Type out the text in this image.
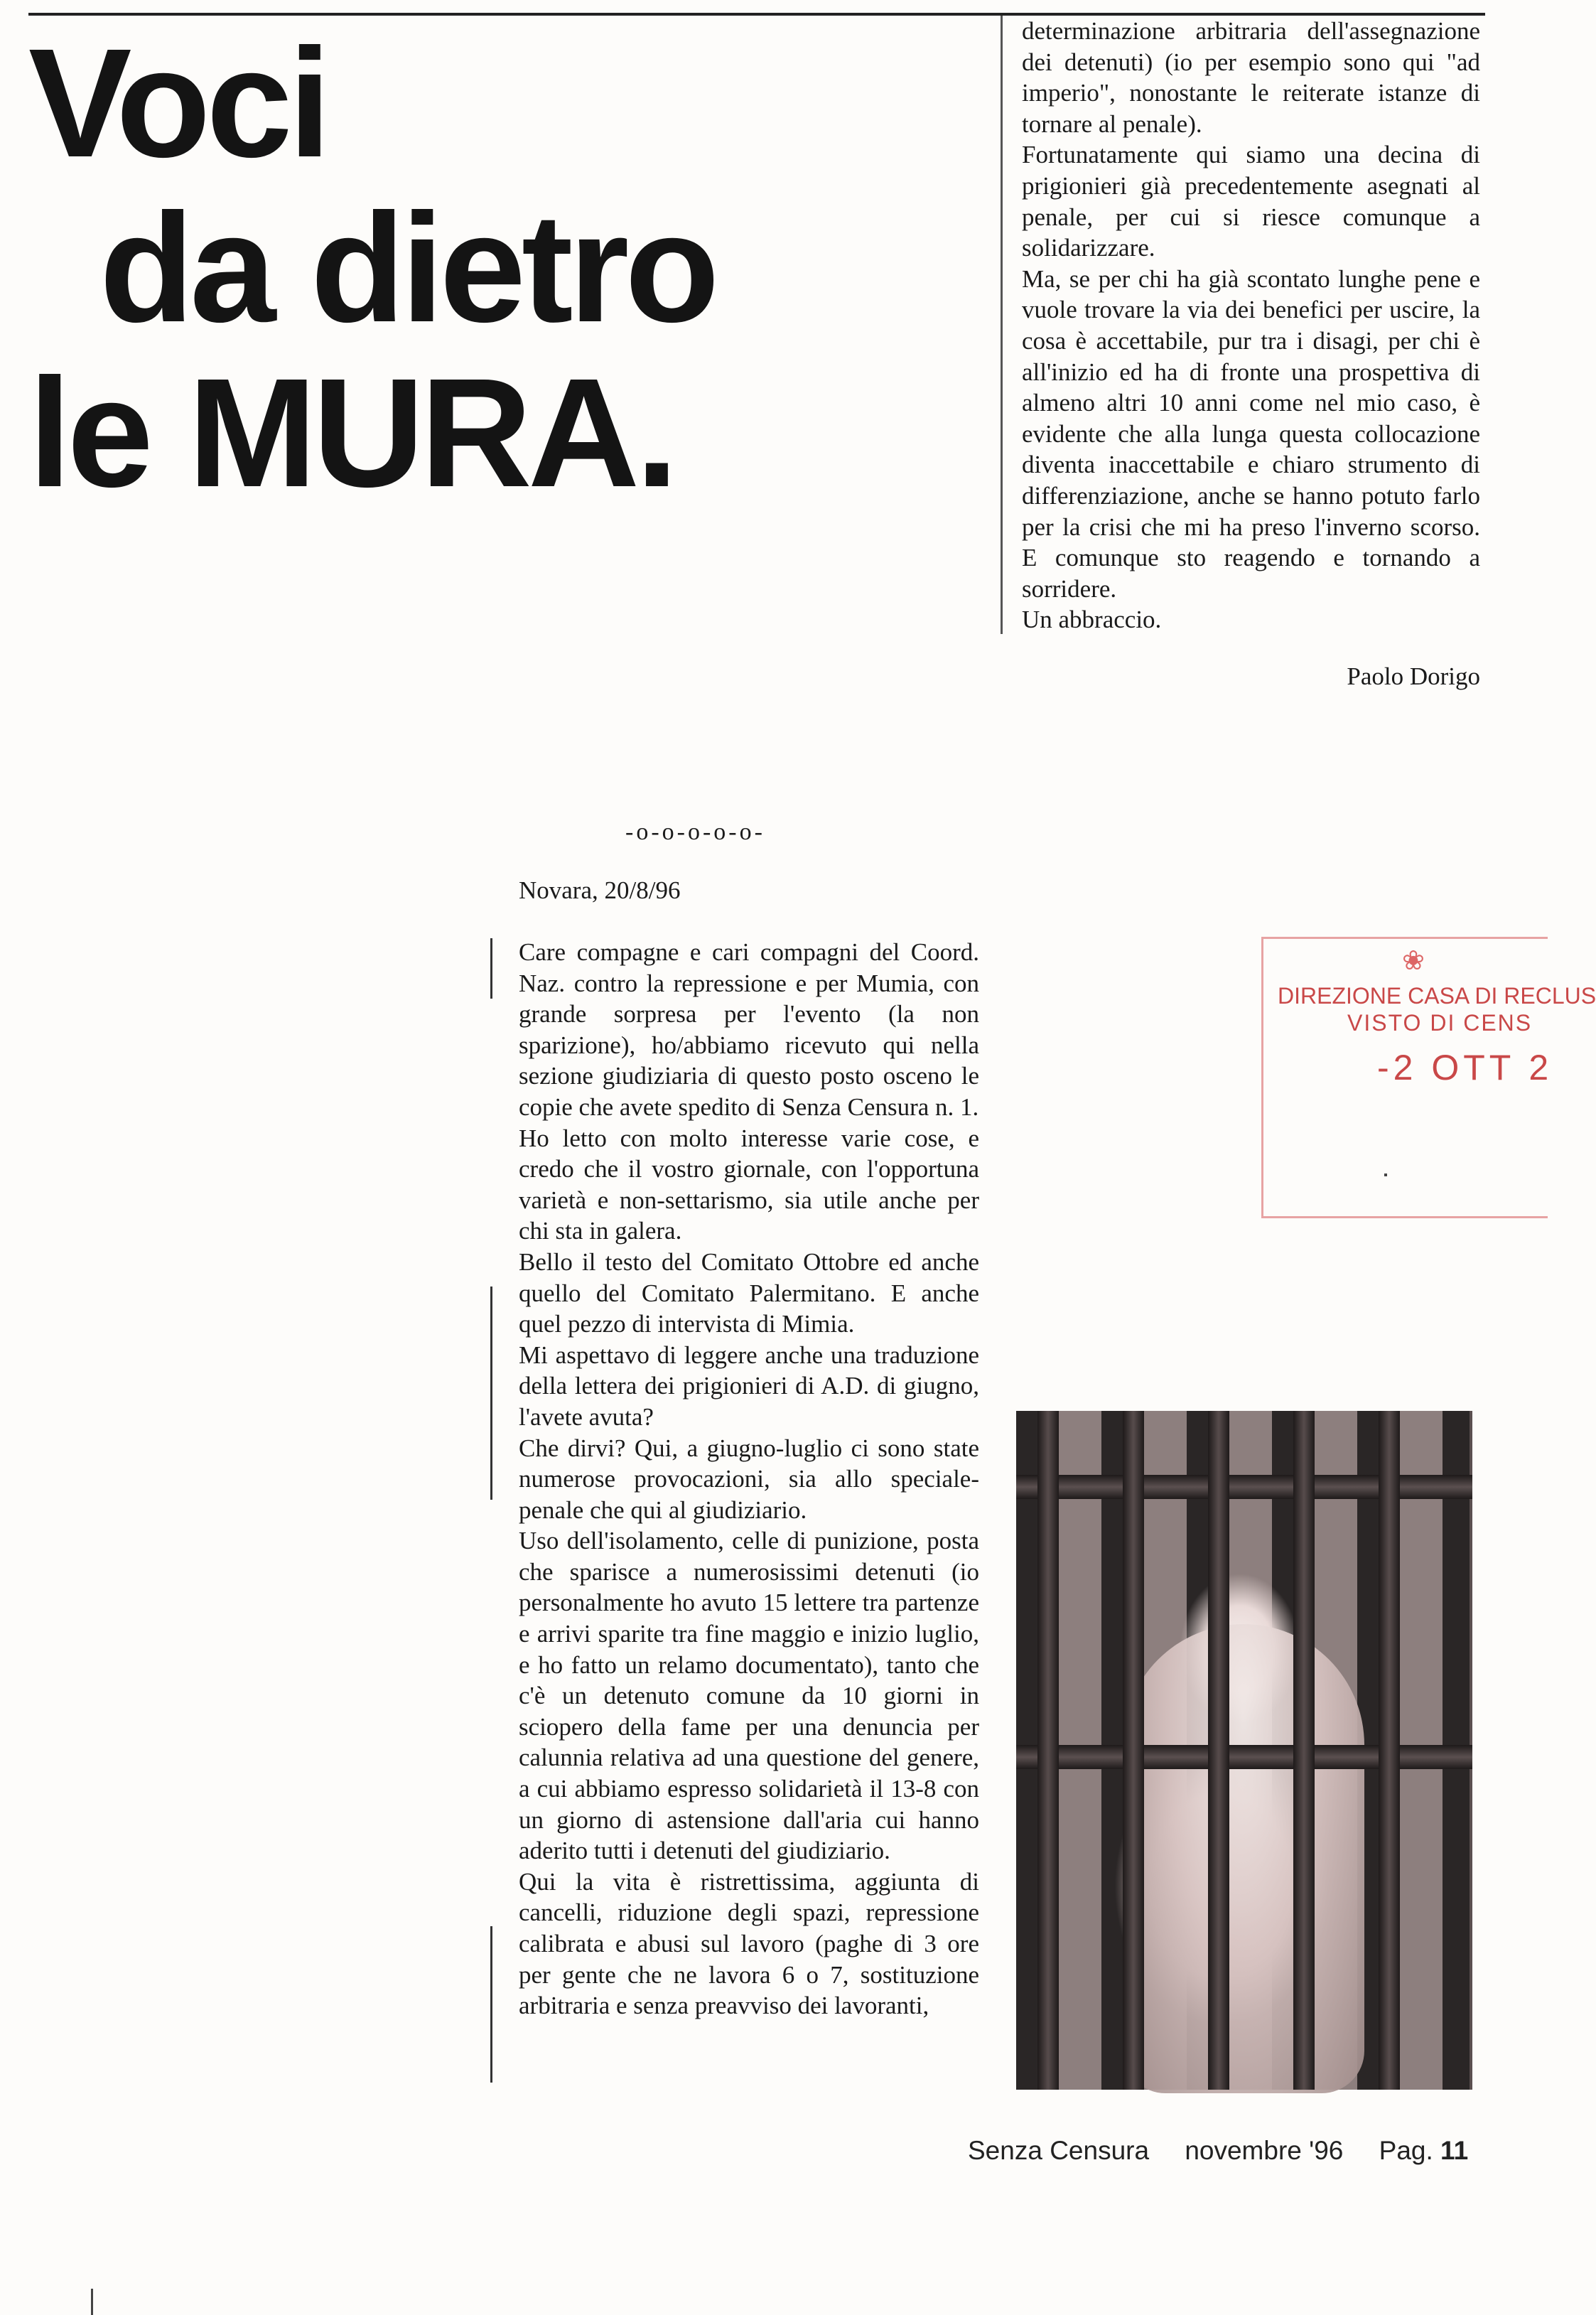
Voci
da dietro
le MURA.

determinazione arbitraria dell'assegnazione dei detenuti) (io per esempio sono qui "ad imperio", nonostante le reiterate istanze di tornare al penale).

Fortunatamente qui siamo una decina di prigionieri già precedentemente asegnati al penale, per cui si riesce comunque a solidarizzare.

Ma, se per chi ha già scontato lunghe pene e vuole trovare la via dei benefici per uscire, la cosa è accettabile, pur tra i disagi, per chi è all'inizio ed ha di fronte una prospettiva di almeno altri 10 anni come nel mio caso, è evidente che alla lunga questa collocazione diventa inaccettabile e chiaro strumento di differenziazione, anche se hanno potuto farlo per la crisi che mi ha preso l'inverno scorso. E comunque sto reagendo e tornando a sorridere.

Un abbraccio.

Paolo Dorigo
-o-o-o-o-o-
Novara, 20/8/96

Care compagne e cari compagni del Coord. Naz. contro la repressione e per Mumia, con grande sorpresa per l'evento (la non sparizione), ho/abbiamo ricevuto qui nella sezione giudiziaria di questo posto osceno le copie che avete spedito di Senza Censura n. 1.

Ho letto con molto interesse varie cose, e credo che il vostro giornale, con l'opportuna varietà e non-settarismo, sia utile anche per chi sta in galera.

Bello il testo del Comitato Ottobre ed anche quello del Comitato Palermitano. E anche quel pezzo di intervista di Mimia.

Mi aspettavo di leggere anche una traduzione della lettera dei prigionieri di A.D. di giugno, l'avete avuta?

Che dirvi? Qui, a giugno-luglio ci sono state numerose provocazioni, sia allo speciale-penale che qui al giudiziario.

Uso dell'isolamento, celle di punizione, posta che sparisce a numerosissimi detenuti (io personalmente ho avuto 15 lettere tra partenze e arrivi sparite tra fine maggio e inizio luglio, e ho fatto un relamo documentato), tanto che c'è un detenuto comune da 10 giorni in sciopero della fame per una denuncia per calunnia relativa ad una questione del genere, a cui abbiamo espresso solidarietà il 13-8 con un giorno di astensione dall'aria cui hanno aderito tutti i detenuti del giudiziario.

Qui la vita è ristrettissima, aggiunta di cancelli, riduzione degli spazi, repressione calibrata e abusi sul lavoro (paghe di 3 ore per gente che ne lavora 6 o 7, sostituzione arbitraria e senza preavviso dei lavoranti,

❀
DIREZIONE CASA DI RECLUS
VISTO DI CENS
-2 OTT 2
Senza Censura novembre '96 Pag. 11
